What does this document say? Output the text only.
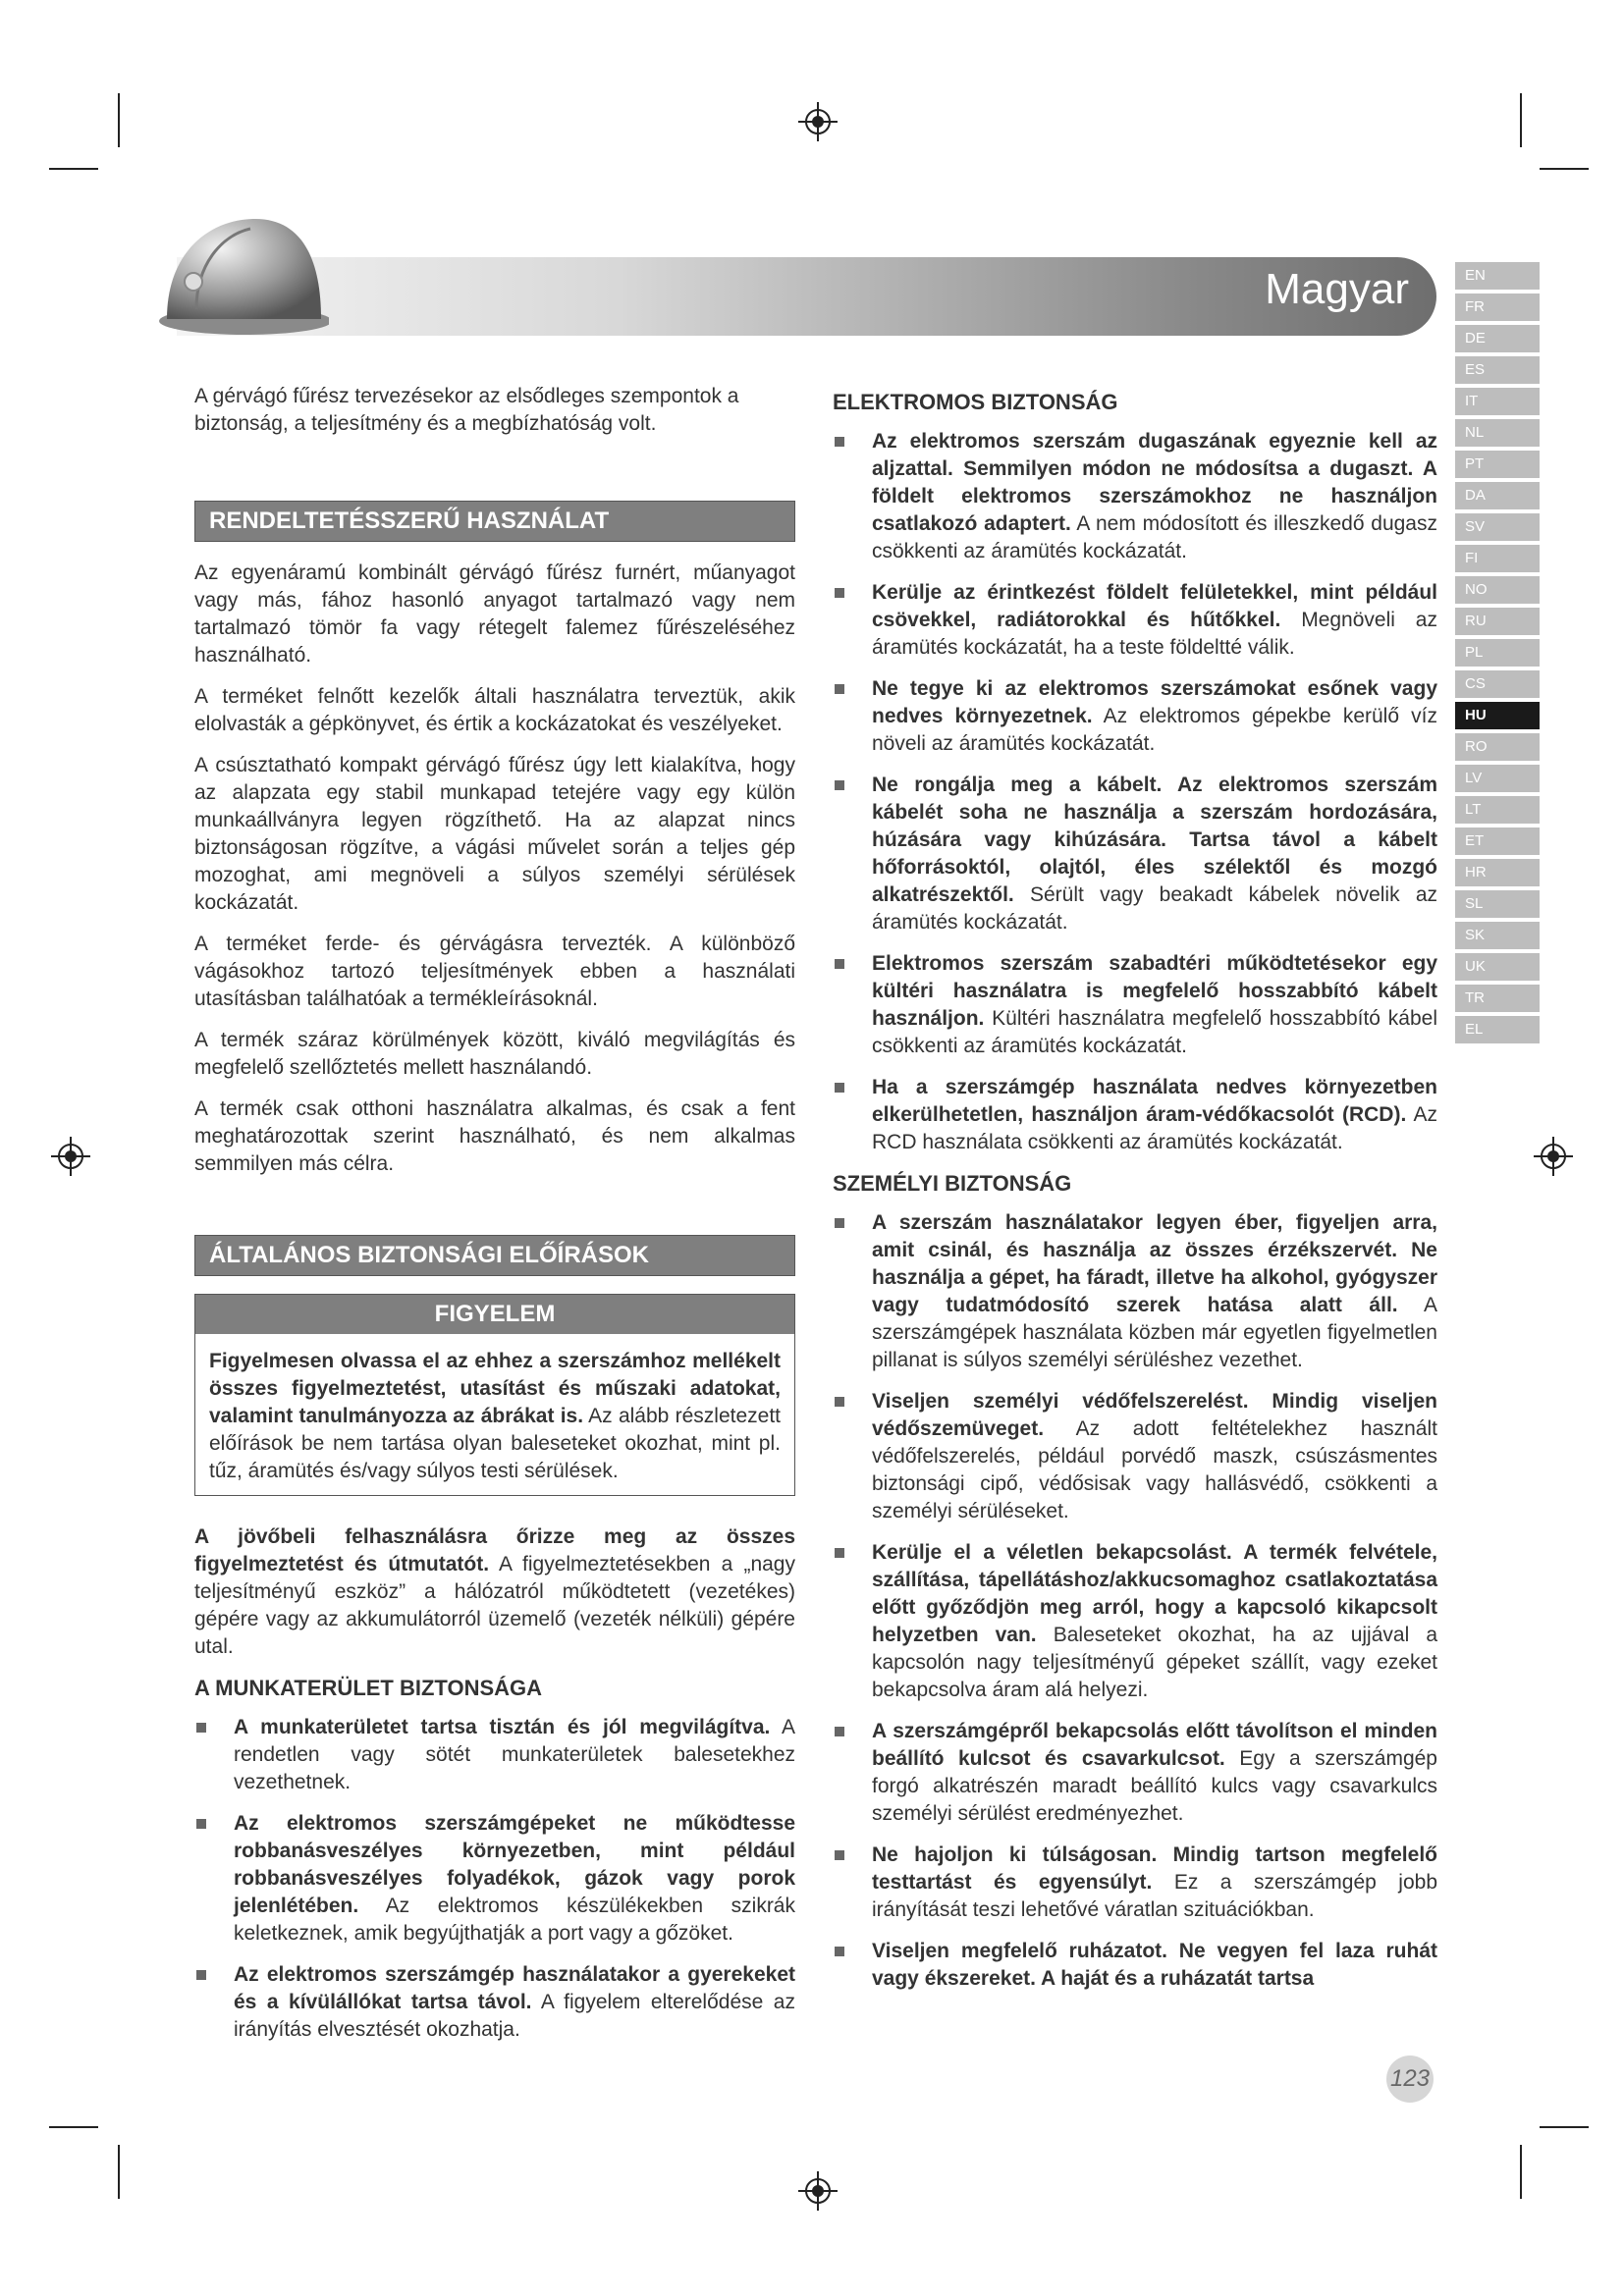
Magyar	EN
FR
DE
ES
IT
NL
PT
DA
SV
FI
NO
RU
PL
CS
HU
RO
LV
LT
ET
HR
SL
SK
UK
TR
EL

A gérvágó fűrész tervezésekor az elsődleges szempontok a biztonság, a teljesítmény és a megbízhatóság volt.

RENDELTETÉSSZERŰ HASZNÁLAT

Az egyenáramú kombinált gérvágó fűrész furnért, műanyagot vagy más, fához hasonló anyagot tartalmazó vagy nem tartalmazó tömör fa vagy rétegelt falemez fűrészeléséhez használható.

A terméket felnőtt kezelők általi használatra terveztük, akik elolvasták a gépkönyvet, és értik a kockázatokat és veszélyeket.

A csúsztatható kompakt gérvágó fűrész úgy lett kialakítva, hogy az alapzata egy stabil munkapad tetejére vagy egy külön munkaállványra legyen rögzíthető. Ha az alapzat nincs biztonságosan rögzítve, a vágási művelet során a teljes gép mozoghat, ami megnöveli a súlyos személyi sérülések kockázatát.

A terméket ferde- és gérvágásra tervezték. A különböző vágásokhoz tartozó teljesítmények ebben a használati utasításban találhatóak a termékleírásoknál.

A termék száraz körülmények között, kiváló megvilágítás és megfelelő szellőztetés mellett használandó.

A termék csak otthoni használatra alkalmas, és csak a fent meghatározottak szerint használható, és nem alkalmas semmilyen más célra.

ÁLTALÁNOS BIZTONSÁGI ELŐÍRÁSOK
FIGYELEM

Figyelmesen olvassa el az ehhez a szerszámhoz mellékelt összes figyelmeztetést, utasítást és műszaki adatokat, valamint tanulmányozza az ábrákat is. Az alább részletezett előírások be nem tartása olyan baleseteket okozhat, mint pl. tűz, áramütés és/vagy súlyos testi sérülések.

A jövőbeli felhasználásra őrizze meg az összes figyelmeztetést és útmutatót. A figyelmeztetésekben a „nagy teljesítményű eszköz” a hálózatról működtetett (vezetékes) gépére vagy az akkumulátorról üzemelő (vezeték nélküli) gépére utal.

A MUNKATERÜLET BIZTONSÁGA
A munkaterületet tartsa tisztán és jól megvilágítva. A rendetlen vagy sötét munkaterületek balesetekhez vezethetnek.
Az elektromos szerszámgépeket ne működtesse robbanásveszélyes környezetben, mint például robbanásveszélyes folyadékok, gázok vagy porok jelenlétében. Az elektromos készülékekben szikrák keletkeznek, amik begyújthatják a port vagy a gőzöket.
Az elektromos szerszámgép használatakor a gyerekeket és a kívülállókat tartsa távol. A figyelem elterelődése az irányítás elvesztését okozhatja.
ELEKTROMOS BIZTONSÁG
Az elektromos szerszám dugaszának egyeznie kell az aljzattal. Semmilyen módon ne módosítsa a dugaszt. A földelt elektromos szerszámokhoz ne használjon csatlakozó adaptert. A nem módosított és illeszkedő dugasz csökkenti az áramütés kockázatát.
Kerülje az érintkezést földelt felületekkel, mint például csövekkel, radiátorokkal és hűtőkkel. Megnöveli az áramütés kockázatát, ha a teste földeltté válik.
Ne tegye ki az elektromos szerszámokat esőnek vagy nedves környezetnek. Az elektromos gépekbe kerülő víz növeli az áramütés kockázatát.
Ne rongálja meg a kábelt. Az elektromos szerszám kábelét soha ne használja a szerszám hordozására, húzására vagy kihúzására. Tartsa távol a kábelt hőforrásoktól, olajtól, éles szélektől és mozgó alkatrészektől. Sérült vagy beakadt kábelek növelik az áramütés kockázatát.
Elektromos szerszám szabadtéri működtetésekor egy kültéri használatra is megfelelő hosszabbító kábelt használjon. Kültéri használatra megfelelő hosszabbító kábel csökkenti az áramütés kockázatát.
Ha a szerszámgép használata nedves környezetben elkerülhetetlen, használjon áram-védőkacsolót (RCD). Az RCD használata csökkenti az áramütés kockázatát.
SZEMÉLYI BIZTONSÁG
A szerszám használatakor legyen éber, figyeljen arra, amit csinál, és használja az összes érzékszervét. Ne használja a gépet, ha fáradt, illetve ha alkohol, gyógyszer vagy tudatmódosító szerek hatása alatt áll. A szerszámgépek használata közben már egyetlen figyelmetlen pillanat is súlyos személyi sérüléshez vezethet.
Viseljen személyi védőfelszerelést. Mindig viseljen védőszemüveget. Az adott feltételekhez használt védőfelszerelés, például porvédő maszk, csúszásmentes biztonsági cipő, védősisak vagy hallásvédő, csökkenti a személyi sérüléseket.
Kerülje el a véletlen bekapcsolást. A termék felvétele, szállítása, tápellátáshoz/akkucsomaghoz csatlakoztatása előtt győződjön meg arról, hogy a kapcsoló kikapcsolt helyzetben van. Baleseteket okozhat, ha az ujjával a kapcsolón nagy teljesítményű gépeket szállít, vagy ezeket bekapcsolva áram alá helyezi.
A szerszámgépről bekapcsolás előtt távolítson el minden beállító kulcsot és csavarkulcsot. Egy a szerszámgép forgó alkatrészén maradt beállító kulcs vagy csavarkulcs személyi sérülést eredményezhet.
Ne hajoljon ki túlságosan. Mindig tartson megfelelő testtartást és egyensúlyt. Ez a szerszámgép jobb irányítását teszi lehetővé váratlan szituációkban.
Viseljen megfelelő ruházatot. Ne vegyen fel laza ruhát vagy ékszereket. A haját és a ruházatát tartsa
123
